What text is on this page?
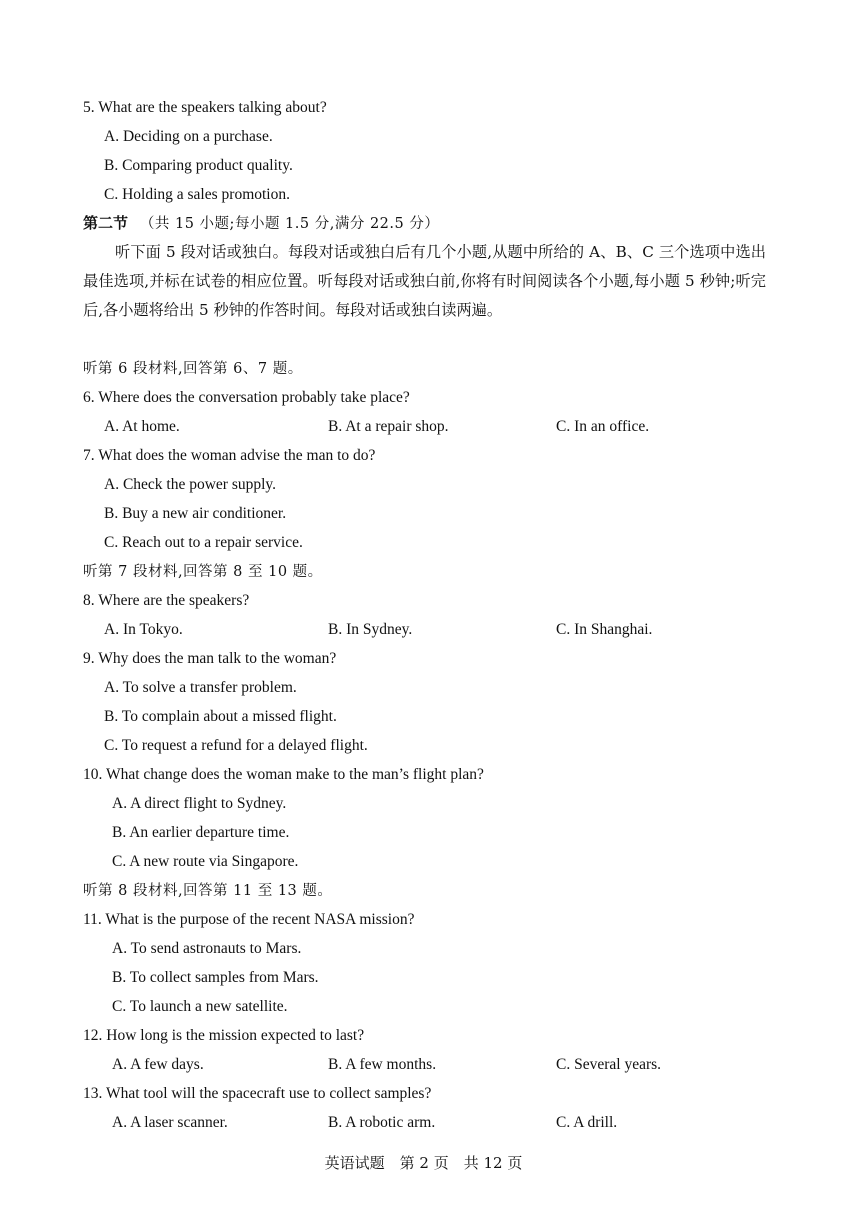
5. What are the speakers talking about?
A. Deciding on a purchase.
B. Comparing product quality.
C. Holding a sales promotion.
第二节 （共 15 小题;每小题 1.5 分,满分 22.5 分）
听下面 5 段对话或独白。每段对话或独白后有几个小题,从题中所给的 A、B、C 三个选项中选出最佳选项,并标在试卷的相应位置。听每段对话或独白前,你将有时间阅读各个小题,每小题 5 秒钟;听完后,各小题将给出 5 秒钟的作答时间。每段对话或独白读两遍。
听第 6 段材料,回答第 6、7 题。
6. Where does the conversation probably take place?
A. At home.	B. At a repair shop.	C. In an office.
7. What does the woman advise the man to do?
A. Check the power supply.
B. Buy a new air conditioner.
C. Reach out to a repair service.
听第 7 段材料,回答第 8 至 10 题。
8. Where are the speakers?
A. In Tokyo.	B. In Sydney.	C. In Shanghai.
9. Why does the man talk to the woman?
A. To solve a transfer problem.
B. To complain about a missed flight.
C. To request a refund for a delayed flight.
10. What change does the woman make to the man’s flight plan?
A. A direct flight to Sydney.
B. An earlier departure time.
C. A new route via Singapore.
听第 8 段材料,回答第 11 至 13 题。
11. What is the purpose of the recent NASA mission?
A. To send astronauts to Mars.
B. To collect samples from Mars.
C. To launch a new satellite.
12. How long is the mission expected to last?
A. A few days.	B. A few months.	C. Several years.
13. What tool will the spacecraft use to collect samples?
A. A laser scanner.	B. A robotic arm.	C. A drill.
英语试题　第 2 页　共 12 页
